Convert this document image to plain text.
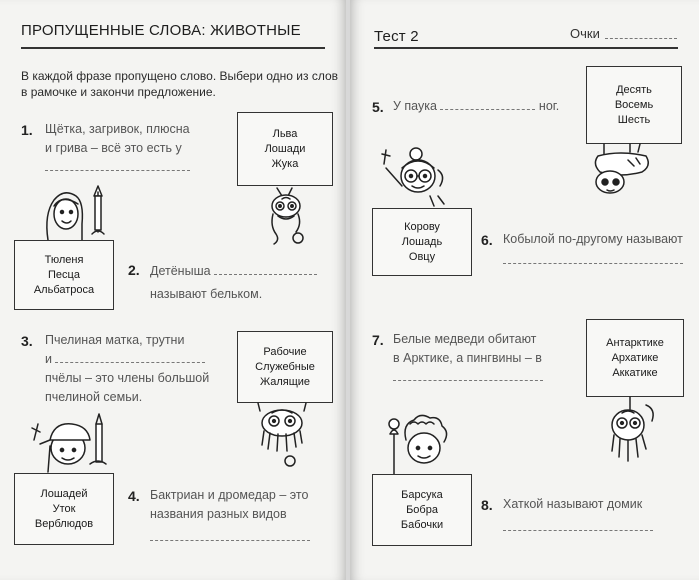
ПРОПУЩЕННЫЕ СЛОВА: ЖИВОТНЫЕ
В каждой фразе пропущено слово. Выбери одно из слов
в рамочке и закончи предложение.
1. Щётка, загривок, плюсна
и грива – всё это есть у
Льва
Лошади
Жука
Тюленя
Песца
Альбатроса
2. Детёныша
называют бельком.
3. Пчелиная матка, трутни
и
пчёлы – это члены большой
пчелиной семьи.
Рабочие
Служебные
Жалящие
Лошадей
Уток
Верблюдов
4. Бактриан и дромедар – это
названия разных видов
Тест 2	Очки
5. У паука	ног.
Десять
Восемь
Шесть
Корову
Лошадь
Овцу
6. Кобылой по-другому называют
7. Белые медведи обитают
в Арктике, а пингвины – в
Антарктике
Архатике
Аккатике
Барсука
Бобра
Бабочки
8. Хаткой называют домик
